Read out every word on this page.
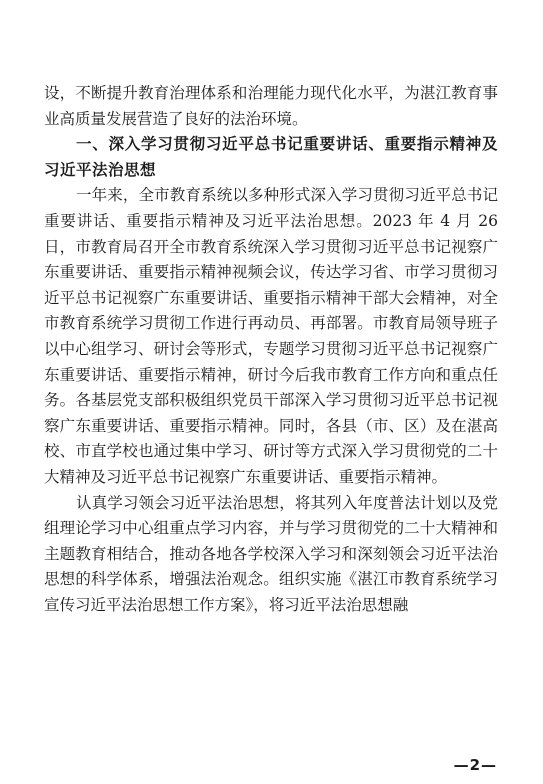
设，不断提升教育治理体系和治理能力现代化水平，为湛江教育事业高质量发展营造了良好的法治环境。

一、深入学习贯彻习近平总书记重要讲话、重要指示精神及习近平法治思想

一年来，全市教育系统以多种形式深入学习贯彻习近平总书记重要讲话、重要指示精神及习近平法治思想。2023 年 4 月 26 日，市教育局召开全市教育系统深入学习贯彻习近平总书记视察广东重要讲话、重要指示精神视频会议，传达学习省、市学习贯彻习近平总书记视察广东重要讲话、重要指示精神干部大会精神，对全市教育系统学习贯彻工作进行再动员、再部署。市教育局领导班子以中心组学习、研讨会等形式，专题学习贯彻习近平总书记视察广东重要讲话、重要指示精神，研讨今后我市教育工作方向和重点任务。各基层党支部积极组织党员干部深入学习贯彻习近平总书记视察广东重要讲话、重要指示精神。同时，各县（市、区）及在湛高校、市直学校也通过集中学习、研讨等方式深入学习贯彻党的二十大精神及习近平总书记视察广东重要讲话、重要指示精神。

认真学习领会习近平法治思想，将其列入年度普法计划以及党组理论学习中心组重点学习内容，并与学习贯彻党的二十大精神和主题教育相结合，推动各地各学校深入学习和深刻领会习近平法治思想的科学体系，增强法治观念。组织实施《湛江市教育系统学习宣传习近平法治思想工作方案》，将习近平法治思想融

—2—
